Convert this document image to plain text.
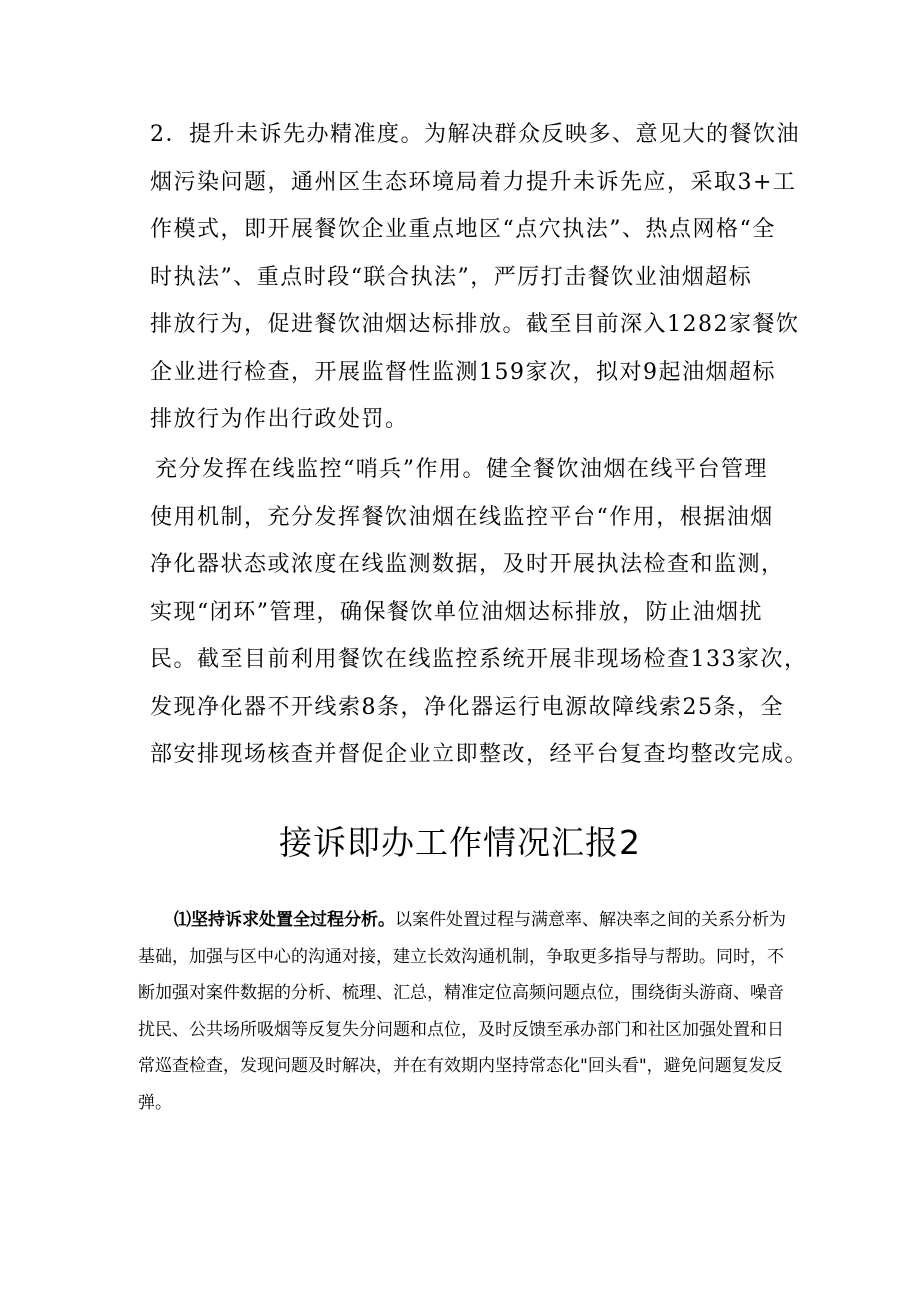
2．提升未诉先办精准度。为解决群众反映多、意见大的餐饮油
烟污染问题，通州区生态环境局着力提升未诉先应，采取3+工
作模式，即开展餐饮企业重点地区“点穴执法”、热点网格“全
时执法”、重点时段“联合执法”，严厉打击餐饮业油烟超标
排放行为，促进餐饮油烟达标排放。截至目前深入1282家餐饮
企业进行检查，开展监督性监测159家次，拟对9起油烟超标
排放行为作出行政处罚。
充分发挥在线监控“哨兵”作用。健全餐饮油烟在线平台管理
使用机制，充分发挥餐饮油烟在线监控平台“作用，根据油烟
净化器状态或浓度在线监测数据，及时开展执法检查和监测，
实现“闭环”管理，确保餐饮单位油烟达标排放，防止油烟扰
民。截至目前利用餐饮在线监控系统开展非现场检查133家次，
发现净化器不开线索8条，净化器运行电源故障线索25条，全
部安排现场核查并督促企业立即整改，经平台复查均整改完成。
接诉即办工作情况汇报2
⑴坚持诉求处置全过程分析。以案件处置过程与满意率、解决率之间的关系分析为
基础，加强与区中心的沟通对接，建立长效沟通机制，争取更多指导与帮助。同时，不
断加强对案件数据的分析、梳理、汇总，精准定位高频问题点位，围绕街头游商、噪音
扰民、公共场所吸烟等反复失分问题和点位，及时反馈至承办部门和社区加强处置和日
常巡查检查，发现问题及时解决，并在有效期内坚持常态化"回头看"，避免问题复发反
弹。
